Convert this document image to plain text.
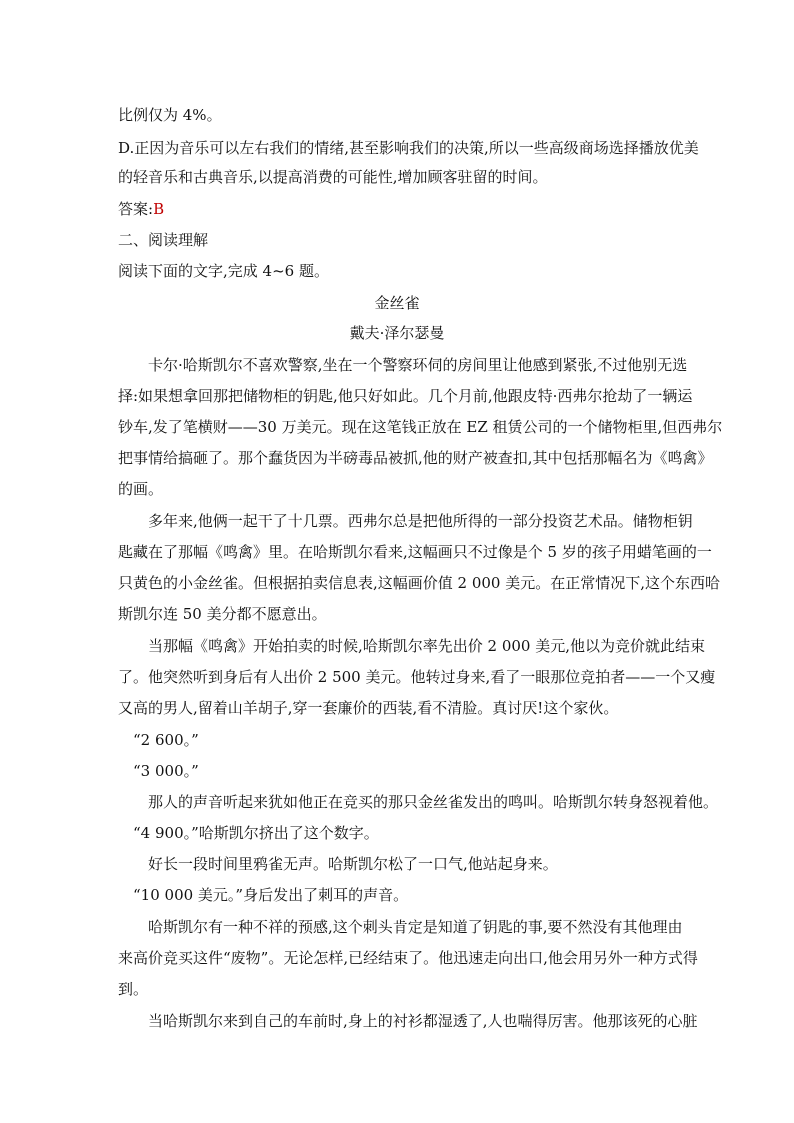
比例仅为 4%。
D.正因为音乐可以左右我们的情绪,甚至影响我们的决策,所以一些高级商场选择播放优美
的轻音乐和古典音乐,以提高消费的可能性,增加顾客驻留的时间。
答案:B
二、阅读理解
阅读下面的文字,完成 4~6 题。
金丝雀
戴夫·泽尔瑟曼
卡尔·哈斯凯尔不喜欢警察,坐在一个警察环伺的房间里让他感到紧张,不过他别无选
择:如果想拿回那把储物柜的钥匙,他只好如此。几个月前,他跟皮特·西弗尔抢劫了一辆运
钞车,发了笔横财——30 万美元。现在这笔钱正放在 EZ 租赁公司的一个储物柜里,但西弗尔
把事情给搞砸了。那个蠢货因为半磅毒品被抓,他的财产被查扣,其中包括那幅名为《鸣禽》
的画。
多年来,他俩一起干了十几票。西弗尔总是把他所得的一部分投资艺术品。储物柜钥
匙藏在了那幅《鸣禽》里。在哈斯凯尔看来,这幅画只不过像是个 5 岁的孩子用蜡笔画的一
只黄色的小金丝雀。但根据拍卖信息表,这幅画价值 2 000 美元。在正常情况下,这个东西哈
斯凯尔连 50 美分都不愿意出。
当那幅《鸣禽》开始拍卖的时候,哈斯凯尔率先出价 2 000 美元,他以为竞价就此结束
了。他突然听到身后有人出价 2 500 美元。他转过身来,看了一眼那位竞拍者——一个又瘦
又高的男人,留着山羊胡子,穿一套廉价的西装,看不清脸。真讨厌!这个家伙。
“2 600。”
“3 000。”
那人的声音听起来犹如他正在竞买的那只金丝雀发出的鸣叫。哈斯凯尔转身怒视着他。
“4 900。”哈斯凯尔挤出了这个数字。
好长一段时间里鸦雀无声。哈斯凯尔松了一口气,他站起身来。
“10 000 美元。”身后发出了刺耳的声音。
哈斯凯尔有一种不祥的预感,这个刺头肯定是知道了钥匙的事,要不然没有其他理由
来高价竞买这件“废物”。无论怎样,已经结束了。他迅速走向出口,他会用另外一种方式得
到。
当哈斯凯尔来到自己的车前时,身上的衬衫都湿透了,人也喘得厉害。他那该死的心脏
